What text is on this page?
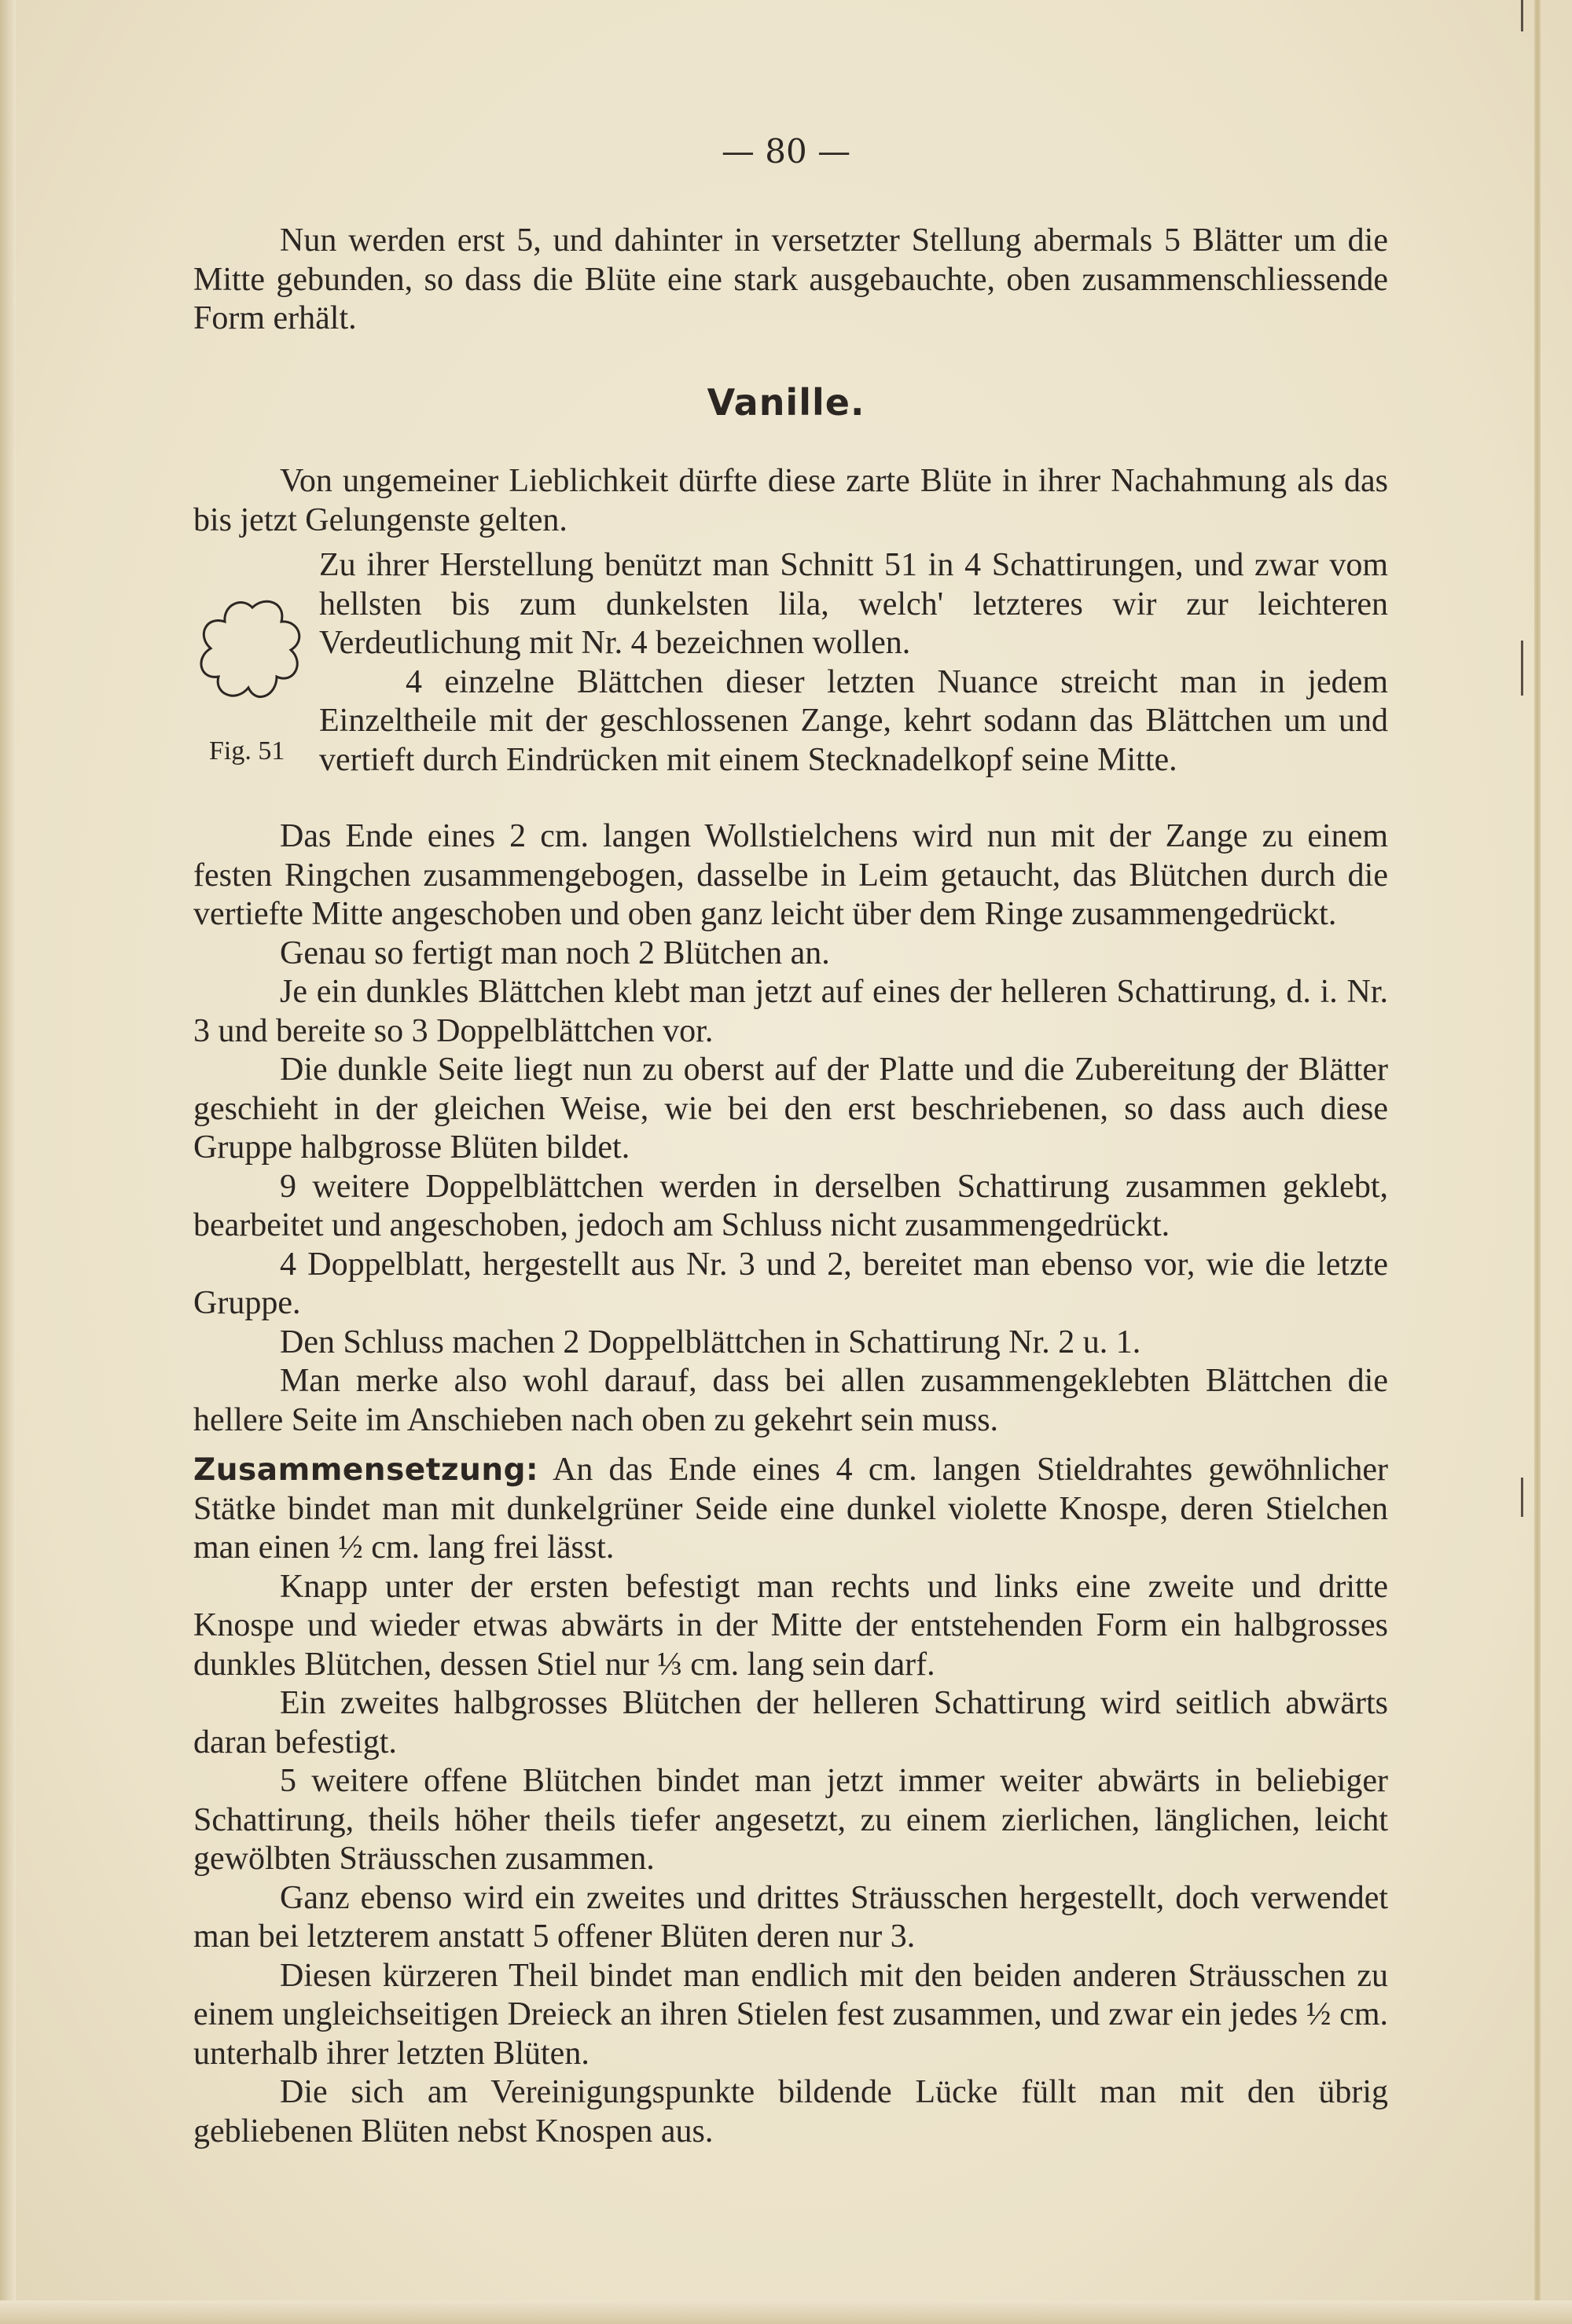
— 80 —

Nun werden erst 5, und dahinter in versetzter Stellung abermals 5 Blätter um die Mitte gebunden, so dass die Blüte eine stark ausgebauchte, oben zusammenschliessende Form erhält.

Vanille.

Von ungemeiner Lieblichkeit dürfte diese zarte Blüte in ihrer Nachahmung als das bis jetzt Gelungenste gelten.

Fig. 51

Zu ihrer Herstellung benützt man Schnitt 51 in 4 Schattirungen, und zwar vom hellsten bis zum dunkelsten lila, welch' letzteres wir zur leichteren Verdeutlichung mit Nr. 4 bezeichnen wollen.

4 einzelne Blättchen dieser letzten Nuance streicht man in jedem Einzeltheile mit der geschlossenen Zange, kehrt sodann das Blättchen um und vertieft durch Eindrücken mit einem Stecknadelkopf seine Mitte.

Das Ende eines 2 cm. langen Wollstielchens wird nun mit der Zange zu einem festen Ringchen zusammengebogen, dasselbe in Leim getaucht, das Blütchen durch die vertiefte Mitte angeschoben und oben ganz leicht über dem Ringe zusammengedrückt.

Genau so fertigt man noch 2 Blütchen an.

Je ein dunkles Blättchen klebt man jetzt auf eines der helleren Schattirung, d. i. Nr. 3 und bereite so 3 Doppelblättchen vor.

Die dunkle Seite liegt nun zu oberst auf der Platte und die Zubereitung der Blätter geschieht in der gleichen Weise, wie bei den erst beschriebenen, so dass auch diese Gruppe halbgrosse Blüten bildet.

9 weitere Doppelblättchen werden in derselben Schattirung zusammen geklebt, bearbeitet und angeschoben, jedoch am Schluss nicht zusammengedrückt.

4 Doppelblatt, hergestellt aus Nr. 3 und 2, bereitet man ebenso vor, wie die letzte Gruppe.

Den Schluss machen 2 Doppelblättchen in Schattirung Nr. 2 u. 1.

Man merke also wohl darauf, dass bei allen zusammengeklebten Blättchen die hellere Seite im Anschieben nach oben zu gekehrt sein muss.

Zusammensetzung: An das Ende eines 4 cm. langen Stieldrahtes gewöhnlicher Stätke bindet man mit dunkelgrüner Seide eine dunkel violette Knospe, deren Stielchen man einen ½ cm. lang frei lässt.

Knapp unter der ersten befestigt man rechts und links eine zweite und dritte Knospe und wieder etwas abwärts in der Mitte der entstehenden Form ein halbgrosses dunkles Blütchen, dessen Stiel nur ⅓ cm. lang sein darf.

Ein zweites halbgrosses Blütchen der helleren Schattirung wird seitlich abwärts daran befestigt.

5 weitere offene Blütchen bindet man jetzt immer weiter abwärts in beliebiger Schattirung, theils höher theils tiefer angesetzt, zu einem zierlichen, länglichen, leicht gewölbten Sträusschen zusammen.

Ganz ebenso wird ein zweites und drittes Sträusschen hergestellt, doch verwendet man bei letzterem anstatt 5 offener Blüten deren nur 3.

Diesen kürzeren Theil bindet man endlich mit den beiden anderen Sträusschen zu einem ungleichseitigen Dreieck an ihren Stielen fest zusammen, und zwar ein jedes ½ cm. unterhalb ihrer letzten Blüten.

Die sich am Vereinigungspunkte bildende Lücke füllt man mit den übrig gebliebenen Blüten nebst Knospen aus.
